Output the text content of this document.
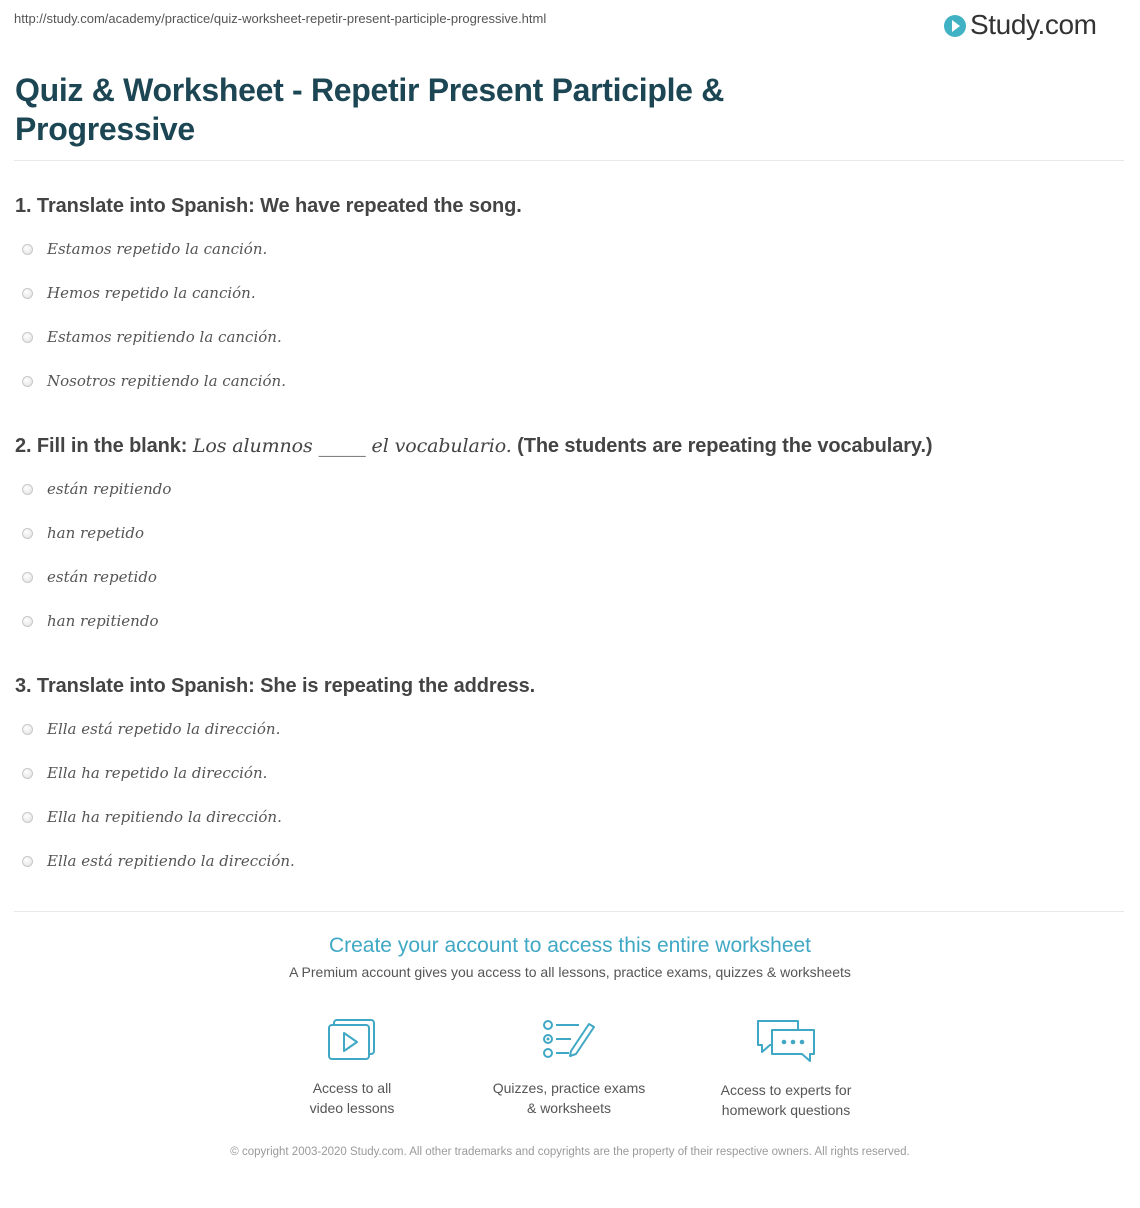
http://study.com/academy/practice/quiz-worksheet-repetir-present-participle-progressive.html	Study.com
Quiz & Worksheet - Repetir Present Participle & Progressive
1. Translate into Spanish: We have repeated the song.
Estamos repetido la canción.
Hemos repetido la canción.
Estamos repitiendo la canción.
Nosotros repitiendo la canción.
2. Fill in the blank: Los alumnos _____ el vocabulario. (The students are repeating the vocabulary.)
están repitiendo
han repetido
están repetido
han repitiendo
3. Translate into Spanish: She is repeating the address.
Ella está repetido la dirección.
Ella ha repetido la dirección.
Ella ha repitiendo la dirección.
Ella está repitiendo la dirección.
Create your account to access this entire worksheet
A Premium account gives you access to all lessons, practice exams, quizzes & worksheets
Access to all
video lessons
Quizzes, practice exams
& worksheets
Access to experts for
homework questions
© copyright 2003-2020 Study.com. All other trademarks and copyrights are the property of their respective owners. All rights reserved.
